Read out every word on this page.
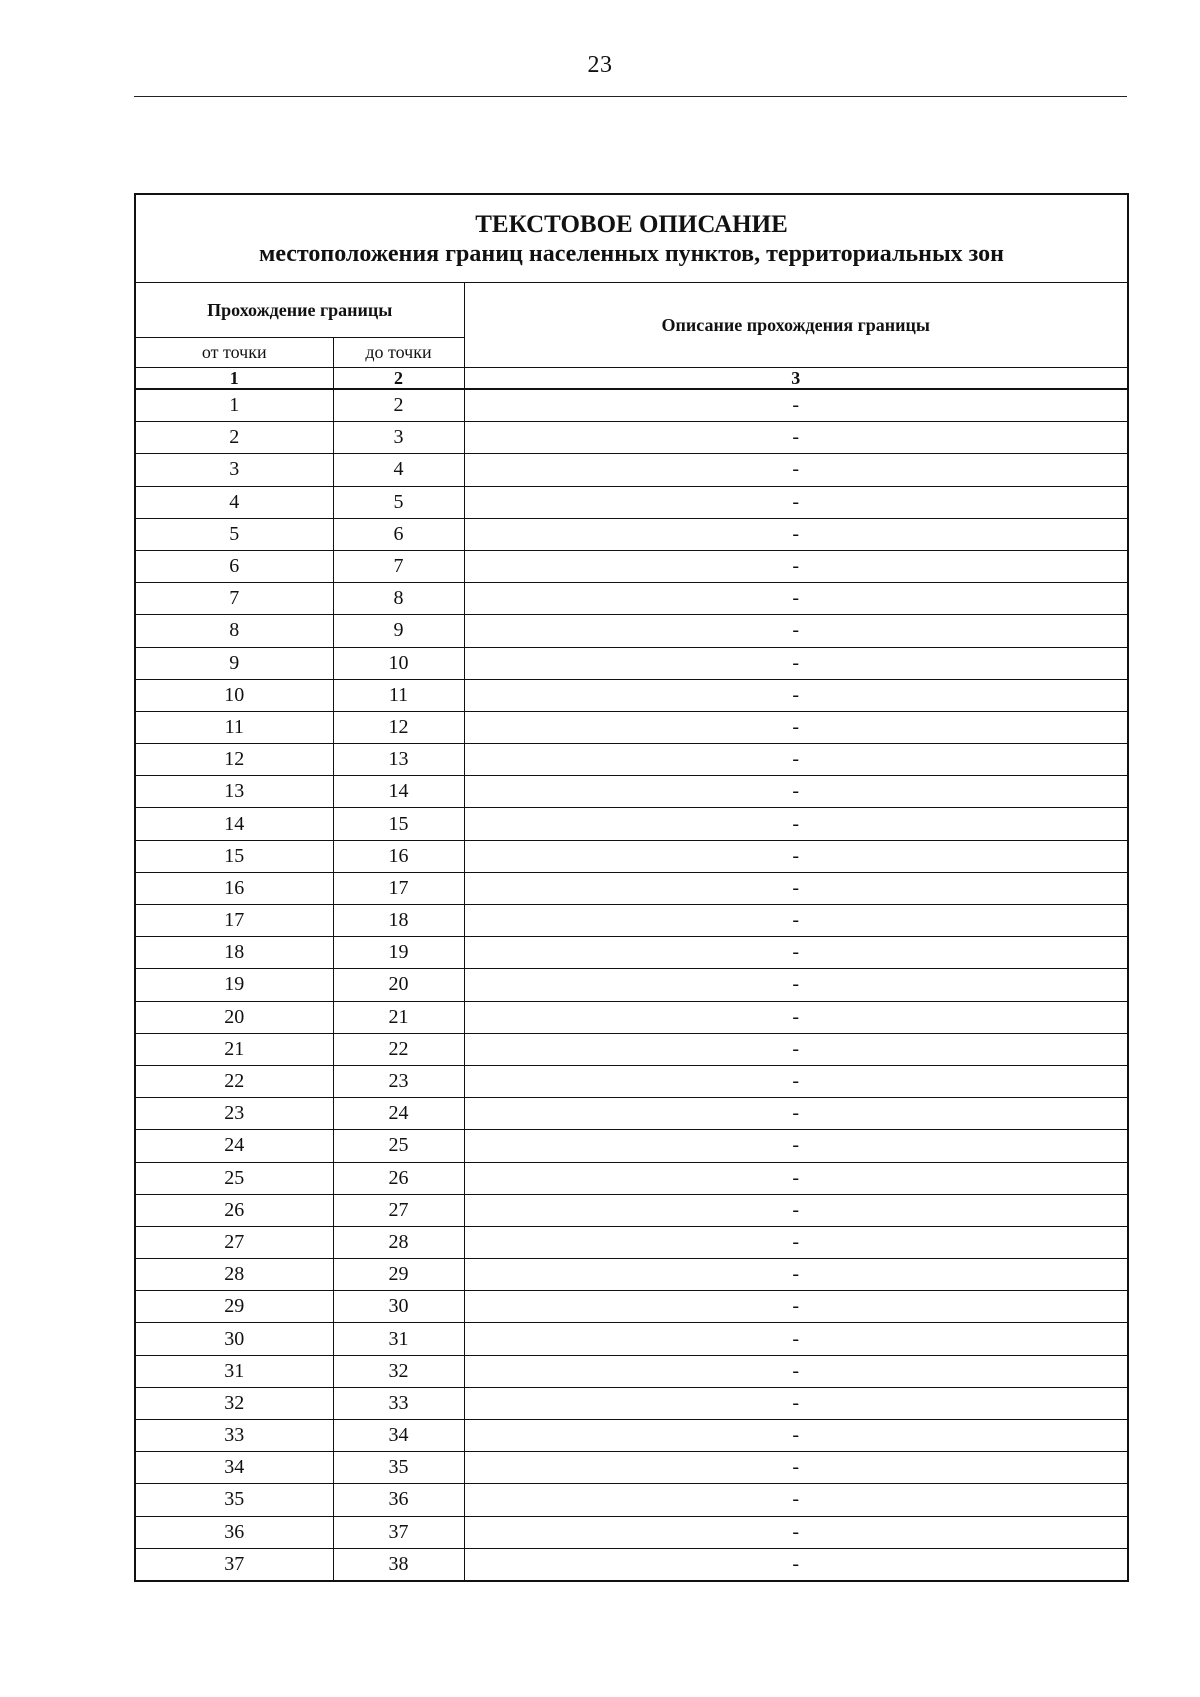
23
ТЕКСТОВОЕ ОПИСАНИЕ
местоположения границ населенных пунктов, территориальных зон		

Прохождение границы		Описание прохождения границы
от точки	до точки	
1	2	3
1	2	-
2	3	-
3	4	-
4	5	-
5	6	-
6	7	-
7	8	-
8	9	-
9	10	-
10	11	-
11	12	-
12	13	-
13	14	-
14	15	-
15	16	-
16	17	-
17	18	-
18	19	-
19	20	-
20	21	-
21	22	-
22	23	-
23	24	-
24	25	-
25	26	-
26	27	-
27	28	-
28	29	-
29	30	-
30	31	-
31	32	-
32	33	-
33	34	-
34	35	-
35	36	-
36	37	-
37	38	-
